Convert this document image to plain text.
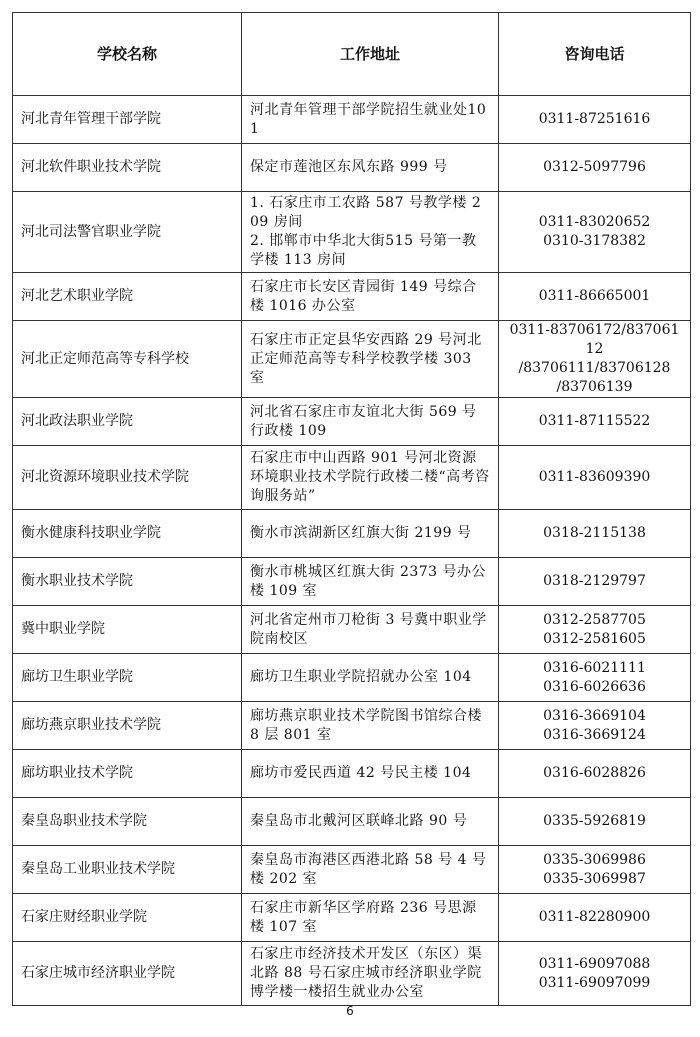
学校名称	工作地址	咨询电话
河北青年管理干部学院	河北青年管理干部学院招生就业处101	0311-87251616

河北软件职业技术学院	保定市莲池区东风东路 999 号	0312-5097796

河北司法警官职业学院	1. 石家庄市工农路 587 号教学楼 209 房间
2. 邯郸市中华北大街515 号第一教学楼 113 房间	0311-83020652
0310-3178382

河北艺术职业学院	石家庄市长安区青园街 149 号综合楼 1016 办公室	0311-86665001

河北正定师范高等专科学校	石家庄市正定县华安西路 29 号河北正定师范高等专科学校教学楼 303 室	0311-83706172/83706112
/83706111/83706128
/83706139

河北政法职业学院	河北省石家庄市友谊北大街 569 号行政楼 109	0311-87115522

河北资源环境职业技术学院	石家庄市中山西路 901 号河北资源环境职业技术学院行政楼二楼“高考咨询服务站”	0311-83609390

衡水健康科技职业学院	衡水市滨湖新区红旗大街 2199 号	0318-2115138

衡水职业技术学院	衡水市桃城区红旗大街 2373 号办公楼 109 室	0318-2129797

冀中职业学院	河北省定州市刀枪街 3 号冀中职业学院南校区	0312-2587705
0312-2581605

廊坊卫生职业学院	廊坊卫生职业学院招就办公室 104	0316-6021111
0316-6026636

廊坊燕京职业技术学院	廊坊燕京职业技术学院图书馆综合楼 8 层 801 室	0316-3669104
0316-3669124

廊坊职业技术学院	廊坊市爱民西道 42 号民主楼 104	0316-6028826

秦皇岛职业技术学院	秦皇岛市北戴河区联峰北路 90 号	0335-5926819

秦皇岛工业职业技术学院	秦皇岛市海港区西港北路 58 号 4 号楼 202 室	0335-3069986
0335-3069987

石家庄财经职业学院	石家庄市新华区学府路 236 号思源楼 107 室	0311-82280900

石家庄城市经济职业学院	石家庄市经济技术开发区（东区）渠北路 88 号石家庄城市经济职业学院博学楼一楼招生就业办公室	0311-69097088
0311-69097099
6
